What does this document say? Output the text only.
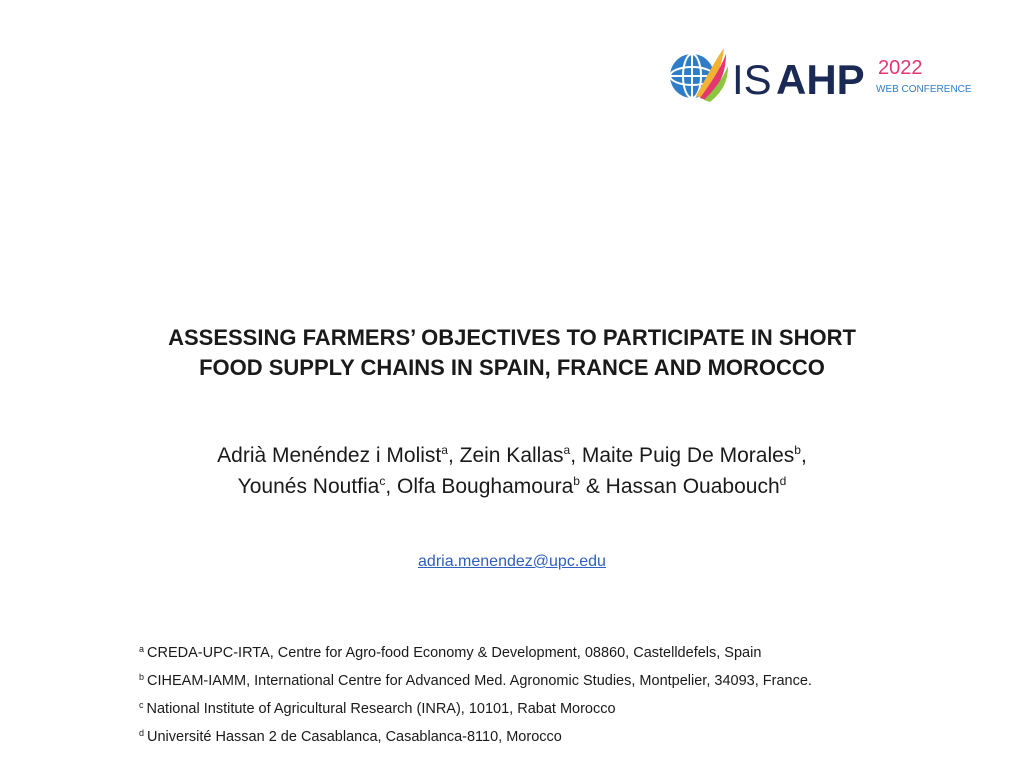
IS AHP 2022
WEB CONFERENCE
ASSESSING FARMERS’ OBJECTIVES TO PARTICIPATE IN SHORT
FOOD SUPPLY CHAINS IN SPAIN, FRANCE AND MOROCCO
Adrià Menéndez i Molist$^a$, Zein Kallas$^a$, Maite Puig De Morales$^b$,
Younés Noutfia$^c$, Olfa Boughamoura$^b$ & Hassan Ouabouch$^d$
adria.menendez@upc.edu
$^a$ CREDA-UPC-IRTA, Centre for Agro-food Economy & Development, 08860, Castelldefels, Spain
$^b$ CIHEAM-IAMM, International Centre for Advanced Med. Agronomic Studies, Montpelier, 34093, France.
$^c$ National Institute of Agricultural Research (INRA), 10101, Rabat Morocco
$^d$ Université Hassan 2 de Casablanca, Casablanca-8110, Morocco
